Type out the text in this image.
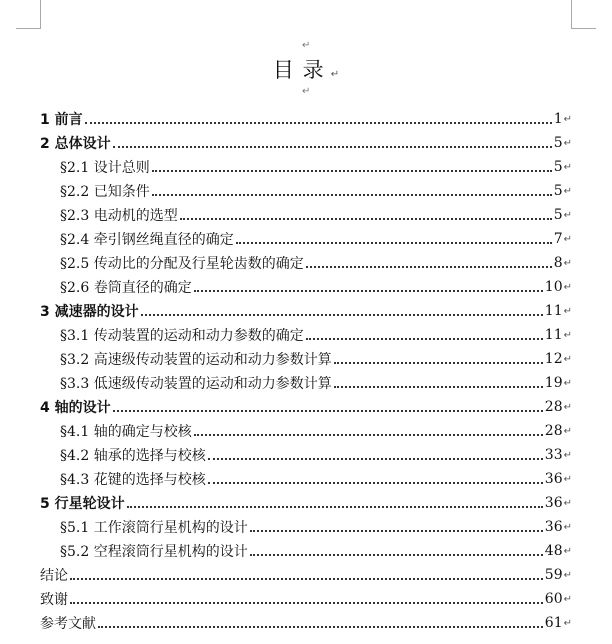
↵
目 录 ↵
↵
1 前言	1 ↵
2 总体设计	5 ↵
§2.1 设计总则	5 ↵
§2.2 已知条件	5 ↵
§2.3 电动机的选型	5 ↵
§2.4 牵引钢丝绳直径的确定	7 ↵
§2.5 传动比的分配及行星轮齿数的确定	8 ↵
§2.6 卷筒直径的确定	10 ↵
3 减速器的设计	11 ↵
§3.1 传动装置的运动和动力参数的确定	11 ↵
§3.2 高速级传动装置的运动和动力参数计算	12 ↵
§3.3 低速级传动装置的运动和动力参数计算	19 ↵
4 轴的设计	28 ↵
§4.1 轴的确定与校核	28 ↵
§4.2 轴承的选择与校核	33 ↵
§4.3 花键的选择与校核	36 ↵
5 行星轮设计	36 ↵
§5.1 工作滚筒行星机构的设计	36 ↵
§5.2 空程滚筒行星机构的设计	48 ↵
结论	59 ↵
致谢	60 ↵
参考文献	61 ↵
